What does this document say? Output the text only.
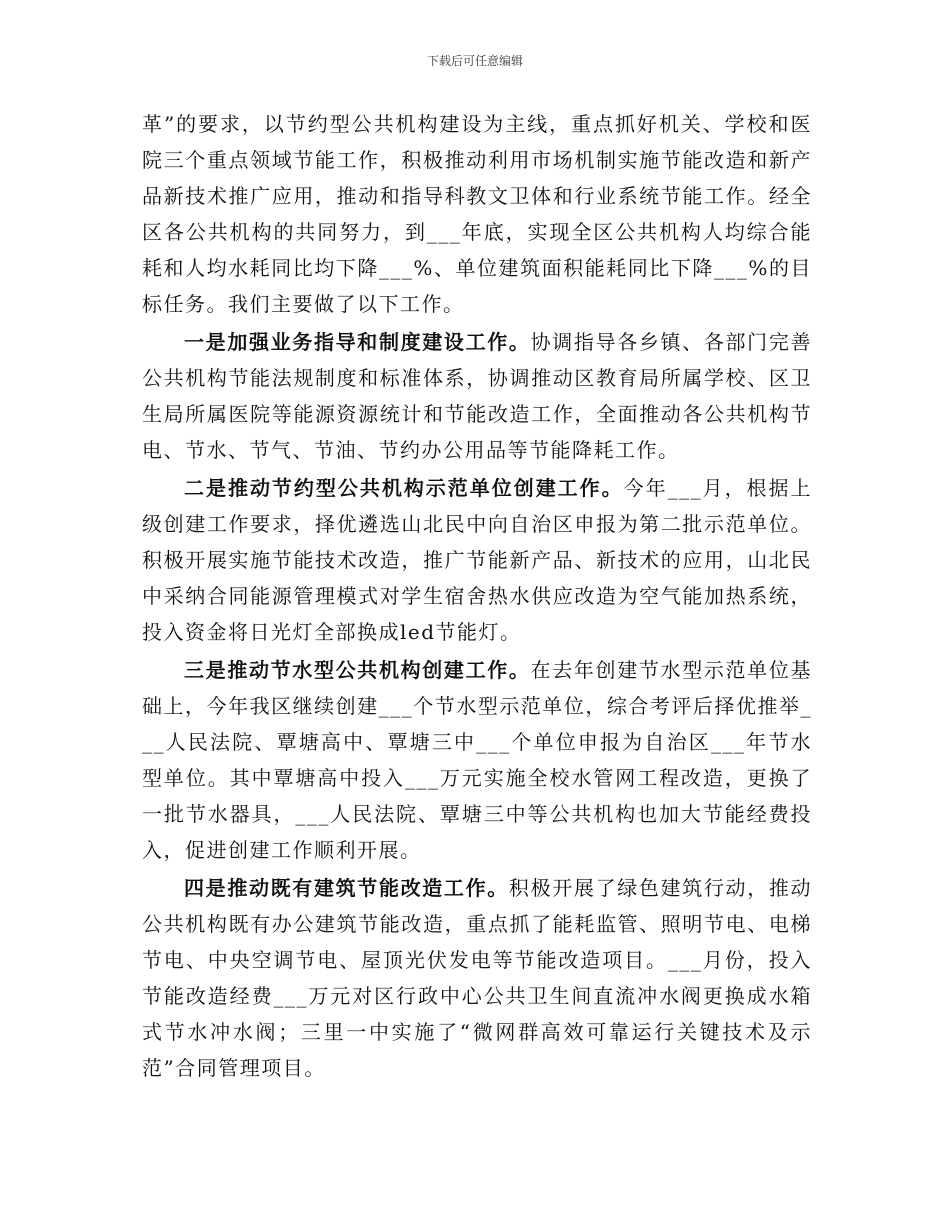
下载后可任意编辑

革”的要求，以节约型公共机构建设为主线，重点抓好机关、学校和医院三个重点领域节能工作，积极推动利用市场机制实施节能改造和新产品新技术推广应用，推动和指导科教文卫体和行业系统节能工作。经全区各公共机构的共同努力，到___年底，实现全区公共机构人均综合能耗和人均水耗同比均下降___%、单位建筑面积能耗同比下降___%的目标任务。我们主要做了以下工作。

一是加强业务指导和制度建设工作。协调指导各乡镇、各部门完善公共机构节能法规制度和标准体系，协调推动区教育局所属学校、区卫生局所属医院等能源资源统计和节能改造工作，全面推动各公共机构节电、节水、节气、节油、节约办公用品等节能降耗工作。

二是推动节约型公共机构示范单位创建工作。今年___月，根据上级创建工作要求，择优遴选山北民中向自治区申报为第二批示范单位。积极开展实施节能技术改造，推广节能新产品、新技术的应用，山北民中采纳合同能源管理模式对学生宿舍热水供应改造为空气能加热系统，投入资金将日光灯全部换成led节能灯。

三是推动节水型公共机构创建工作。在去年创建节水型示范单位基础上，今年我区继续创建___个节水型示范单位，综合考评后择优推举___人民法院、覃塘高中、覃塘三中___个单位申报为自治区___年节水型单位。其中覃塘高中投入___万元实施全校水管网工程改造，更换了一批节水器具，___人民法院、覃塘三中等公共机构也加大节能经费投入，促进创建工作顺利开展。

四是推动既有建筑节能改造工作。积极开展了绿色建筑行动，推动公共机构既有办公建筑节能改造，重点抓了能耗监管、照明节电、电梯节电、中央空调节电、屋顶光伏发电等节能改造项目。___月份，投入节能改造经费___万元对区行政中心公共卫生间直流冲水阀更换成水箱式节水冲水阀；三里一中实施了“微网群高效可靠运行关键技术及示范”合同管理项目。
